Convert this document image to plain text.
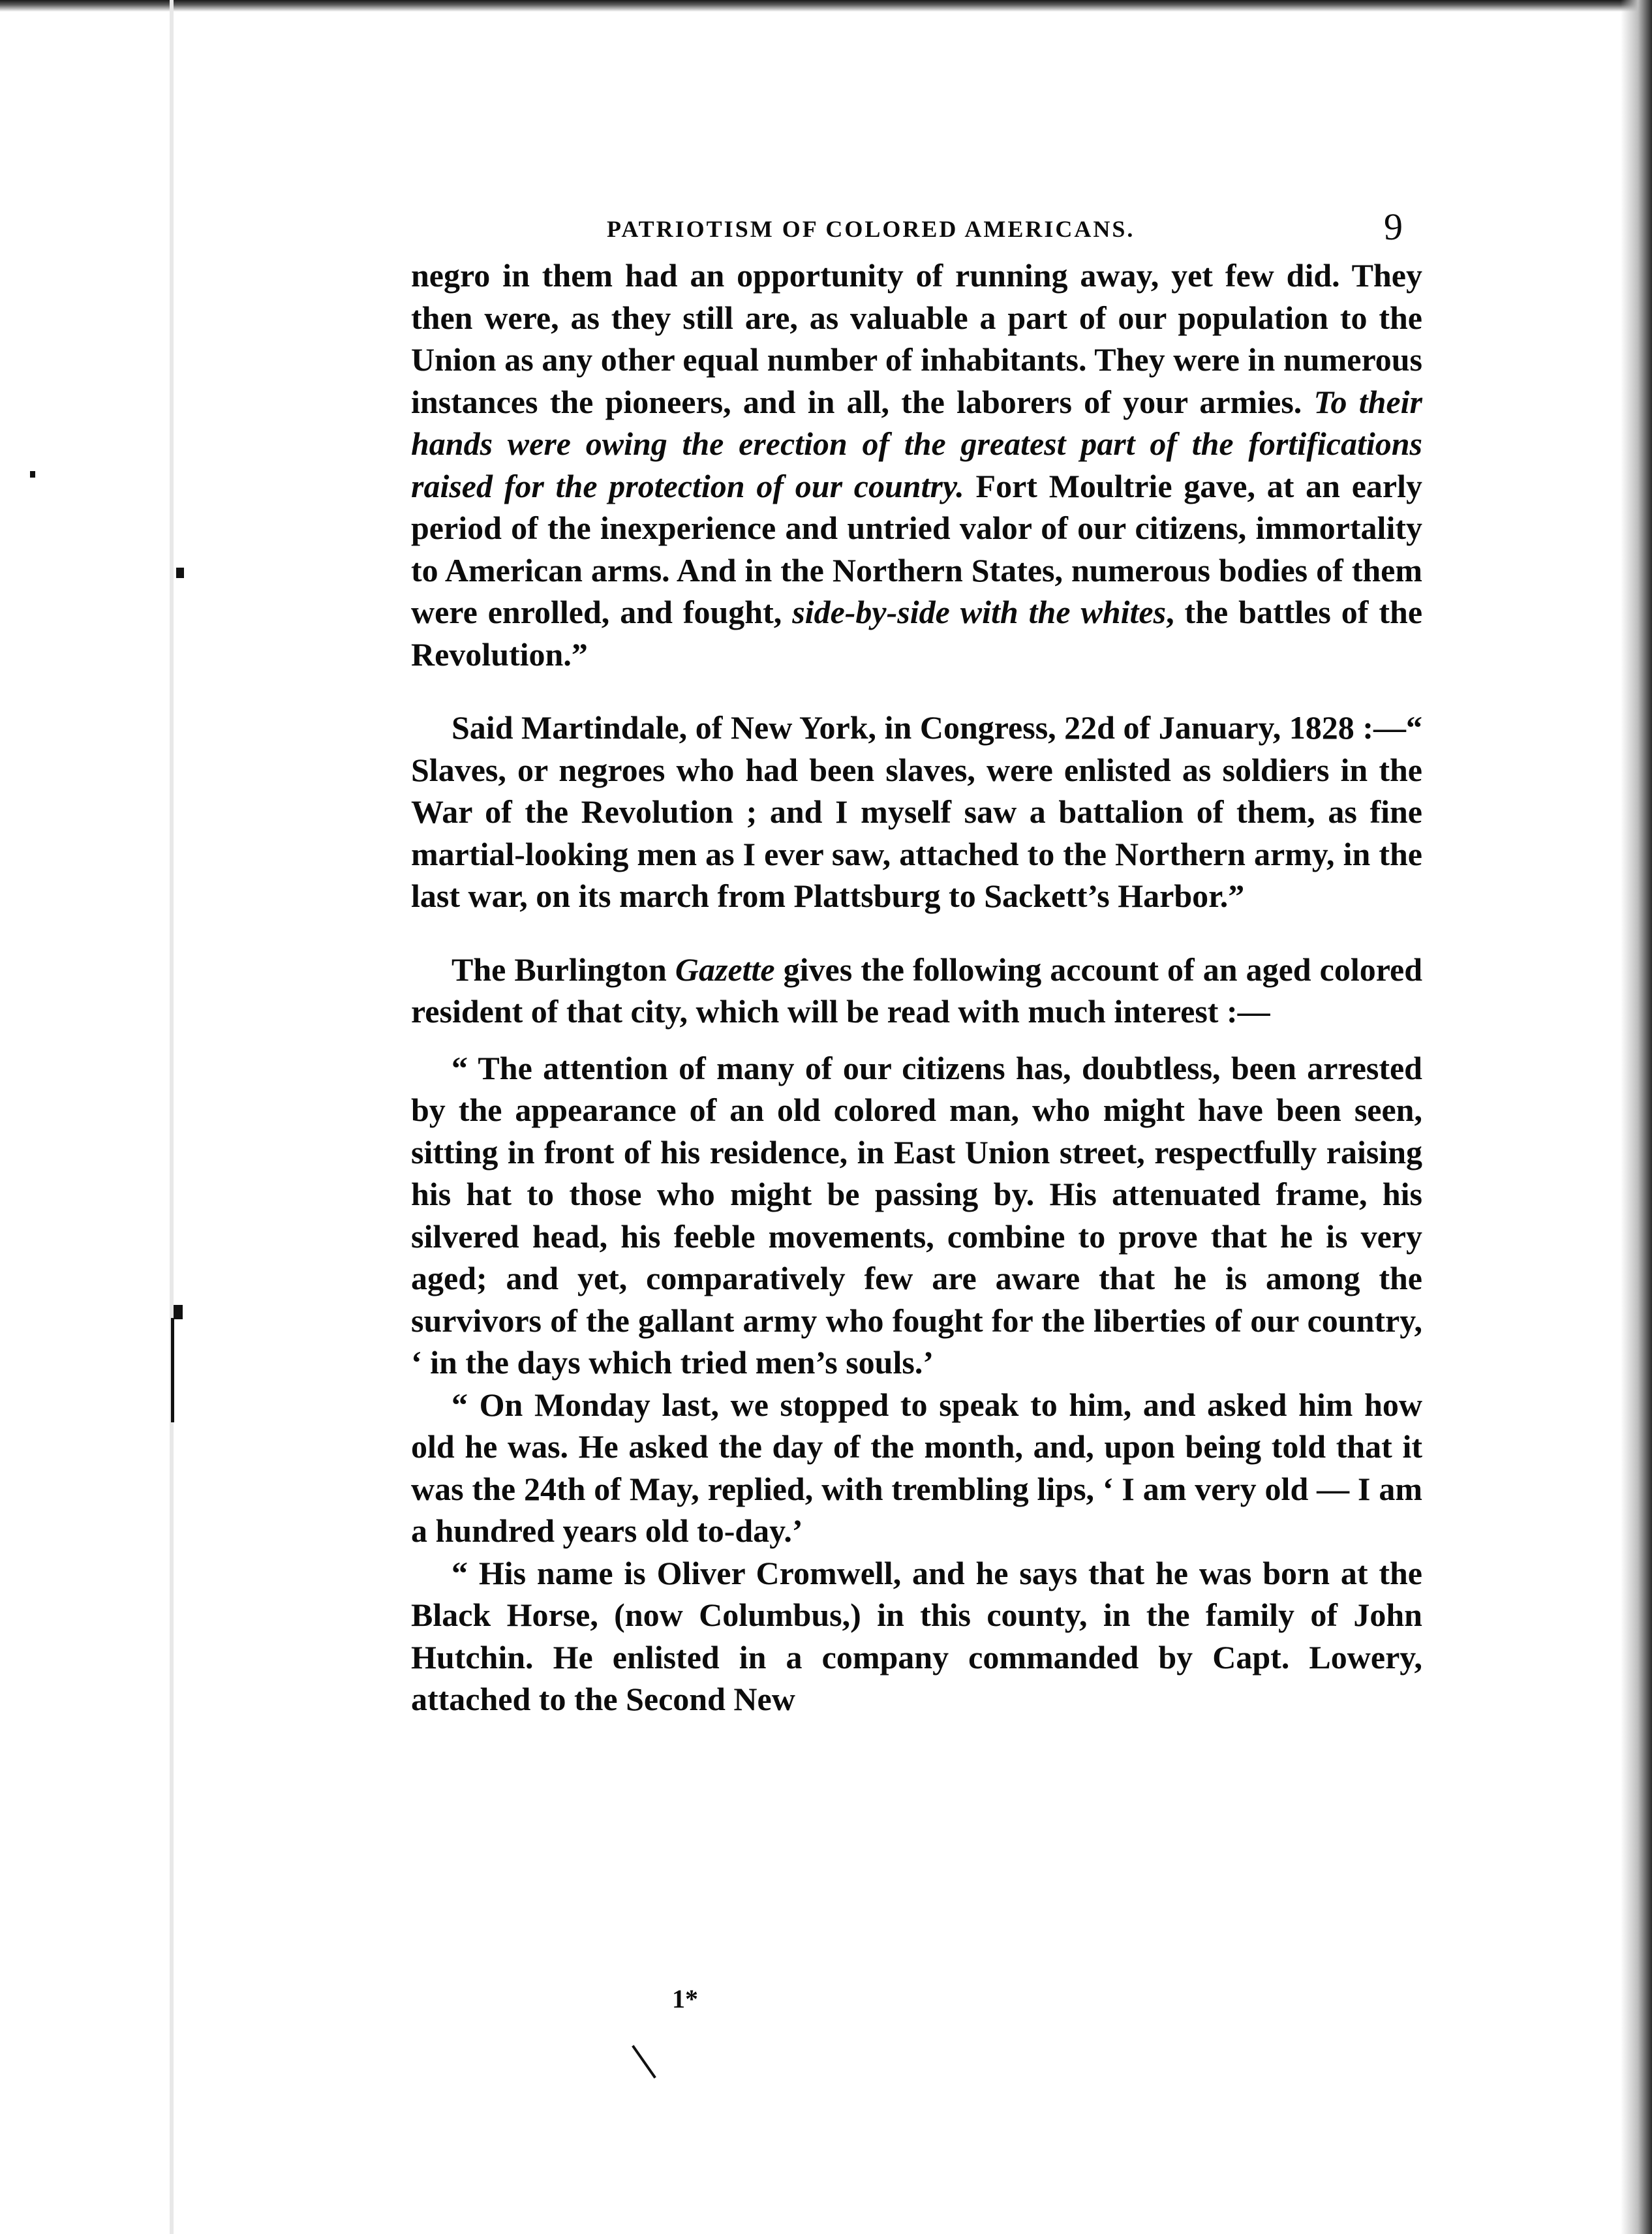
PATRIOTISM OF COLORED AMERICANS.	9

negro in them had an opportunity of running away, yet few did. They then were, as they still are, as valuable a part of our population to the Union as any other equal number of inhabitants. They were in numerous instances the pioneers, and in all, the laborers of your armies. To their hands were owing the erection of the greatest part of the fortifications raised for the protection of our country. Fort Moultrie gave, at an early period of the inexperience and untried valor of our citizens, immortality to American arms. And in the Northern States, numerous bodies of them were enrolled, and fought, side-by-side with the whites, the battles of the Revolution.”

Said Martindale, of New York, in Congress, 22d of January, 1828 :—“ Slaves, or negroes who had been slaves, were enlisted as soldiers in the War of the Revolution ; and I myself saw a battalion of them, as fine martial-looking men as I ever saw, attached to the Northern army, in the last war, on its march from Plattsburg to Sackett’s Harbor.”

The Burlington Gazette gives the following account of an aged colored resident of that city, which will be read with much interest :—

“ The attention of many of our citizens has, doubtless, been arrested by the appearance of an old colored man, who might have been seen, sitting in front of his residence, in East Union street, respectfully raising his hat to those who might be passing by. His attenuated frame, his silvered head, his feeble movements, combine to prove that he is very aged; and yet, comparatively few are aware that he is among the survivors of the gallant army who fought for the liberties of our country, ‘ in the days which tried men’s souls.’

“ On Monday last, we stopped to speak to him, and asked him how old he was. He asked the day of the month, and, upon being told that it was the 24th of May, replied, with trembling lips, ‘ I am very old — I am a hundred years old to-day.’

“ His name is Oliver Cromwell, and he says that he was born at the Black Horse, (now Columbus,) in this county, in the family of John Hutchin. He enlisted in a company commanded by Capt. Lowery, attached to the Second New

1*
